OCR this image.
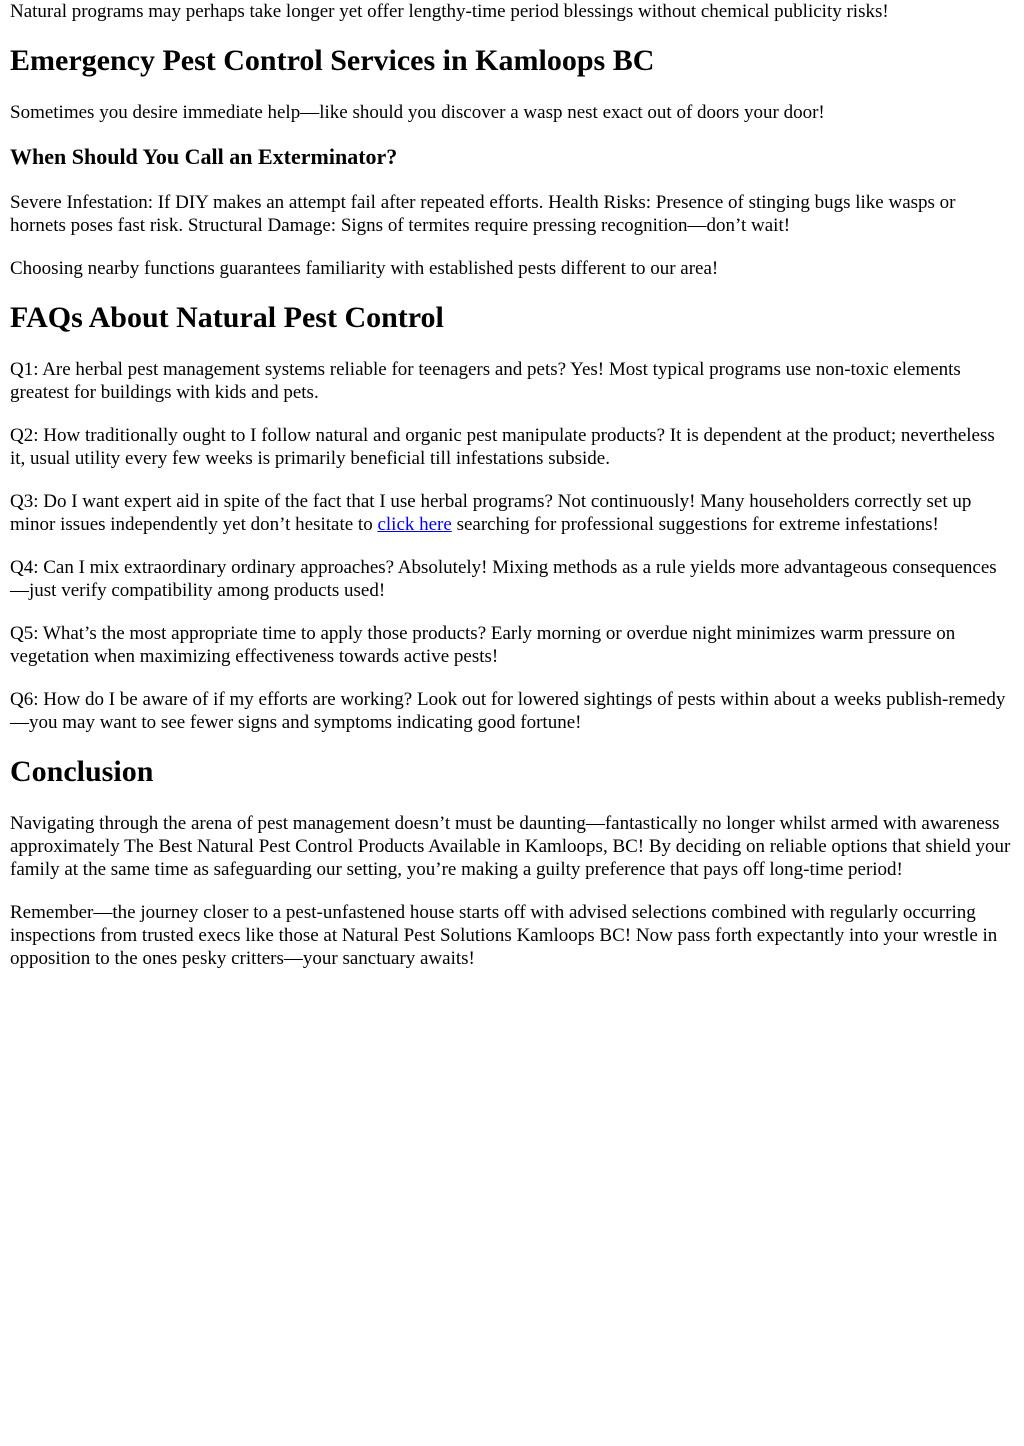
Natural programs may perhaps take longer yet offer lengthy-time period blessings without chemical publicity risks!

Emergency Pest Control Services in Kamloops BC

Sometimes you desire immediate help—like should you discover a wasp nest exact out of doors your door!

When Should You Call an Exterminator?

Severe Infestation: If DIY makes an attempt fail after repeated efforts. Health Risks: Presence of stinging bugs like wasps or hornets poses fast risk. Structural Damage: Signs of termites require pressing recognition—don’t wait!

Choosing nearby functions guarantees familiarity with established pests different to our area!

FAQs About Natural Pest Control

Q1: Are herbal pest management systems reliable for teenagers and pets? Yes! Most typical programs use non-toxic elements greatest for buildings with kids and pets.

Q2: How traditionally ought to I follow natural and organic pest manipulate products? It is dependent at the product; nevertheless it, usual utility every few weeks is primarily beneficial till infestations subside.

Q3: Do I want expert aid in spite of the fact that I use herbal programs? Not continuously! Many householders correctly set up minor issues independently yet don’t hesitate to click here searching for professional suggestions for extreme infestations!

Q4: Can I mix extraordinary ordinary approaches? Absolutely! Mixing methods as a rule yields more advantageous consequences—just verify compatibility among products used!

Q5: What’s the most appropriate time to apply those products? Early morning or overdue night minimizes warm pressure on vegetation when maximizing effectiveness towards active pests!

Q6: How do I be aware of if my efforts are working? Look out for lowered sightings of pests within about a weeks publish-remedy—you may want to see fewer signs and symptoms indicating good fortune!

Conclusion

Navigating through the arena of pest management doesn’t must be daunting—fantastically no longer whilst armed with awareness approximately The Best Natural Pest Control Products Available in Kamloops, BC! By deciding on reliable options that shield your family at the same time as safeguarding our setting, you’re making a guilty preference that pays off long-time period!

Remember—the journey closer to a pest-unfastened house starts off with advised selections combined with regularly occurring inspections from trusted execs like those at Natural Pest Solutions Kamloops BC! Now pass forth expectantly into your wrestle in opposition to the ones pesky critters—your sanctuary awaits!
